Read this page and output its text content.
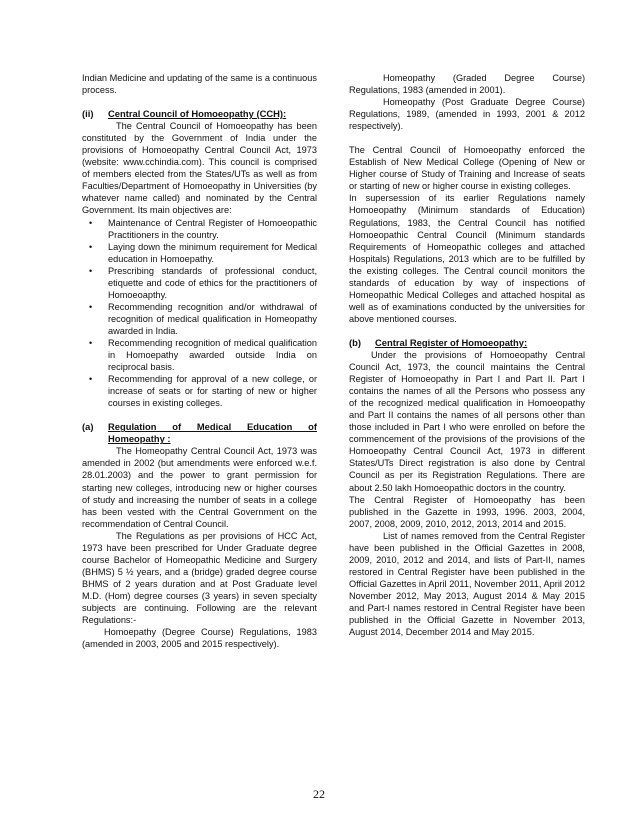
Indian Medicine and updating of the same is a continuous process.

(ii)	Central Council of Homoeopathy (CCH):

The Central Council of Homoeopathy has been constituted by the Government of India under the provisions of Homoeopathy Central Council Act, 1973 (website: www.cchindia.com). This council is comprised of members elected from the States/UTs as well as from Faculties/Department of Homoeopathy in Universities (by whatever name called) and nominated by the Central Government. Its main objectives are:

• Maintenance of Central Register of Homoeopathic Practitioners in the country.
• Laying down the minimum requirement for Medical education in Homoepathy.
• Prescribing standards of professional conduct, etiquette and code of ethics for the practitioners of Homoeoapthy.
• Recommending recognition and/or withdrawal of recognition of medical qualification in Homeopathy awarded in India.
• Recommending recognition of medical qualification in Homoepathy awarded outside India on reciprocal basis.
• Recommending for approval of a new college, or increase of seats or for starting of new or higher courses in existing colleges.
(a)	Regulation of Medical Education of Homeopathy :

The Homeopathy Central Council Act, 1973 was amended in 2002 (but amendments were enforced w.e.f. 28.01.2003) and the power to grant permission for starting new colleges, introducing new or higher courses of study and increasing the number of seats in a college has been vested with the Central Government on the recommendation of Central Council.

The Regulations as per provisions of HCC Act, 1973 have been prescribed for Under Graduate degree course Bachelor of Homeopathic Medicine and Surgery (BHMS) 5 ½ years, and a (bridge) graded degree course BHMS of 2 years duration and at Post Graduate level M.D. (Hom) degree courses (3 years) in seven specialty subjects are continuing. Following are the relevant Regulations:-

Homoepathy (Degree Course) Regulations, 1983 (amended in 2003, 2005 and 2015 respectively).

Homeopathy (Graded Degree Course) Regulations, 1983 (amended in 2001).

Homeopathy (Post Graduate Degree Course) Regulations, 1989, (amended in 1993, 2001 & 2012 respectively).

The Central Council of Homoeopathy enforced the Establish of New Medical College (Opening of New or Higher course of Study of Training and Increase of seats or starting of new or higher course in existing colleges.

In supersession of its earlier Regulations namely Homoeopathy (Minimum standards of Education) Regulations, 1983, the Central Council has notified Homoeopathic Central Council (Minimum standards Requirements of Homeopathic colleges and attached Hospitals) Regulations, 2013 which are to be fulfilled by the existing colleges. The Central council monitors the standards of education by way of inspections of Homeopathic Medical Colleges and attached hospital as well as of examinations conducted by the universities for above mentioned courses.

(b)	Central Register of Homoeopathy:

Under the provisions of Homoeopathy Central Council Act, 1973, the council maintains the Central Register of Homoeopathy in Part I and Part II. Part I contains the names of all the Persons who possess any of the recognized medical qualification in Homoeopathy and Part II contains the names of all persons other than those included in Part I who were enrolled on before the commencement of the provisions of the provisions of the Homoeopathy Central Council Act, 1973 in different States/UTs Direct registration is also done by Central Council as per its Registration Regulations. There are about 2.50 lakh Homoeopathic doctors in the country.

The Central Register of Homoeopathy has been published in the Gazette in 1993, 1996. 2003, 2004, 2007, 2008, 2009, 2010, 2012, 2013, 2014 and 2015.

List of names removed from the Central Register have been published in the Official Gazettes in 2008, 2009, 2010, 2012 and 2014, and lists of Part-II, names restored in Central Register have been published in the Official Gazettes in April 2011, November 2011, April 2012 November 2012, May 2013, August 2014 & May 2015 and Part-I names restored in Central Register have been published in the Official Gazette in November 2013, August 2014, December 2014 and May 2015.

22
